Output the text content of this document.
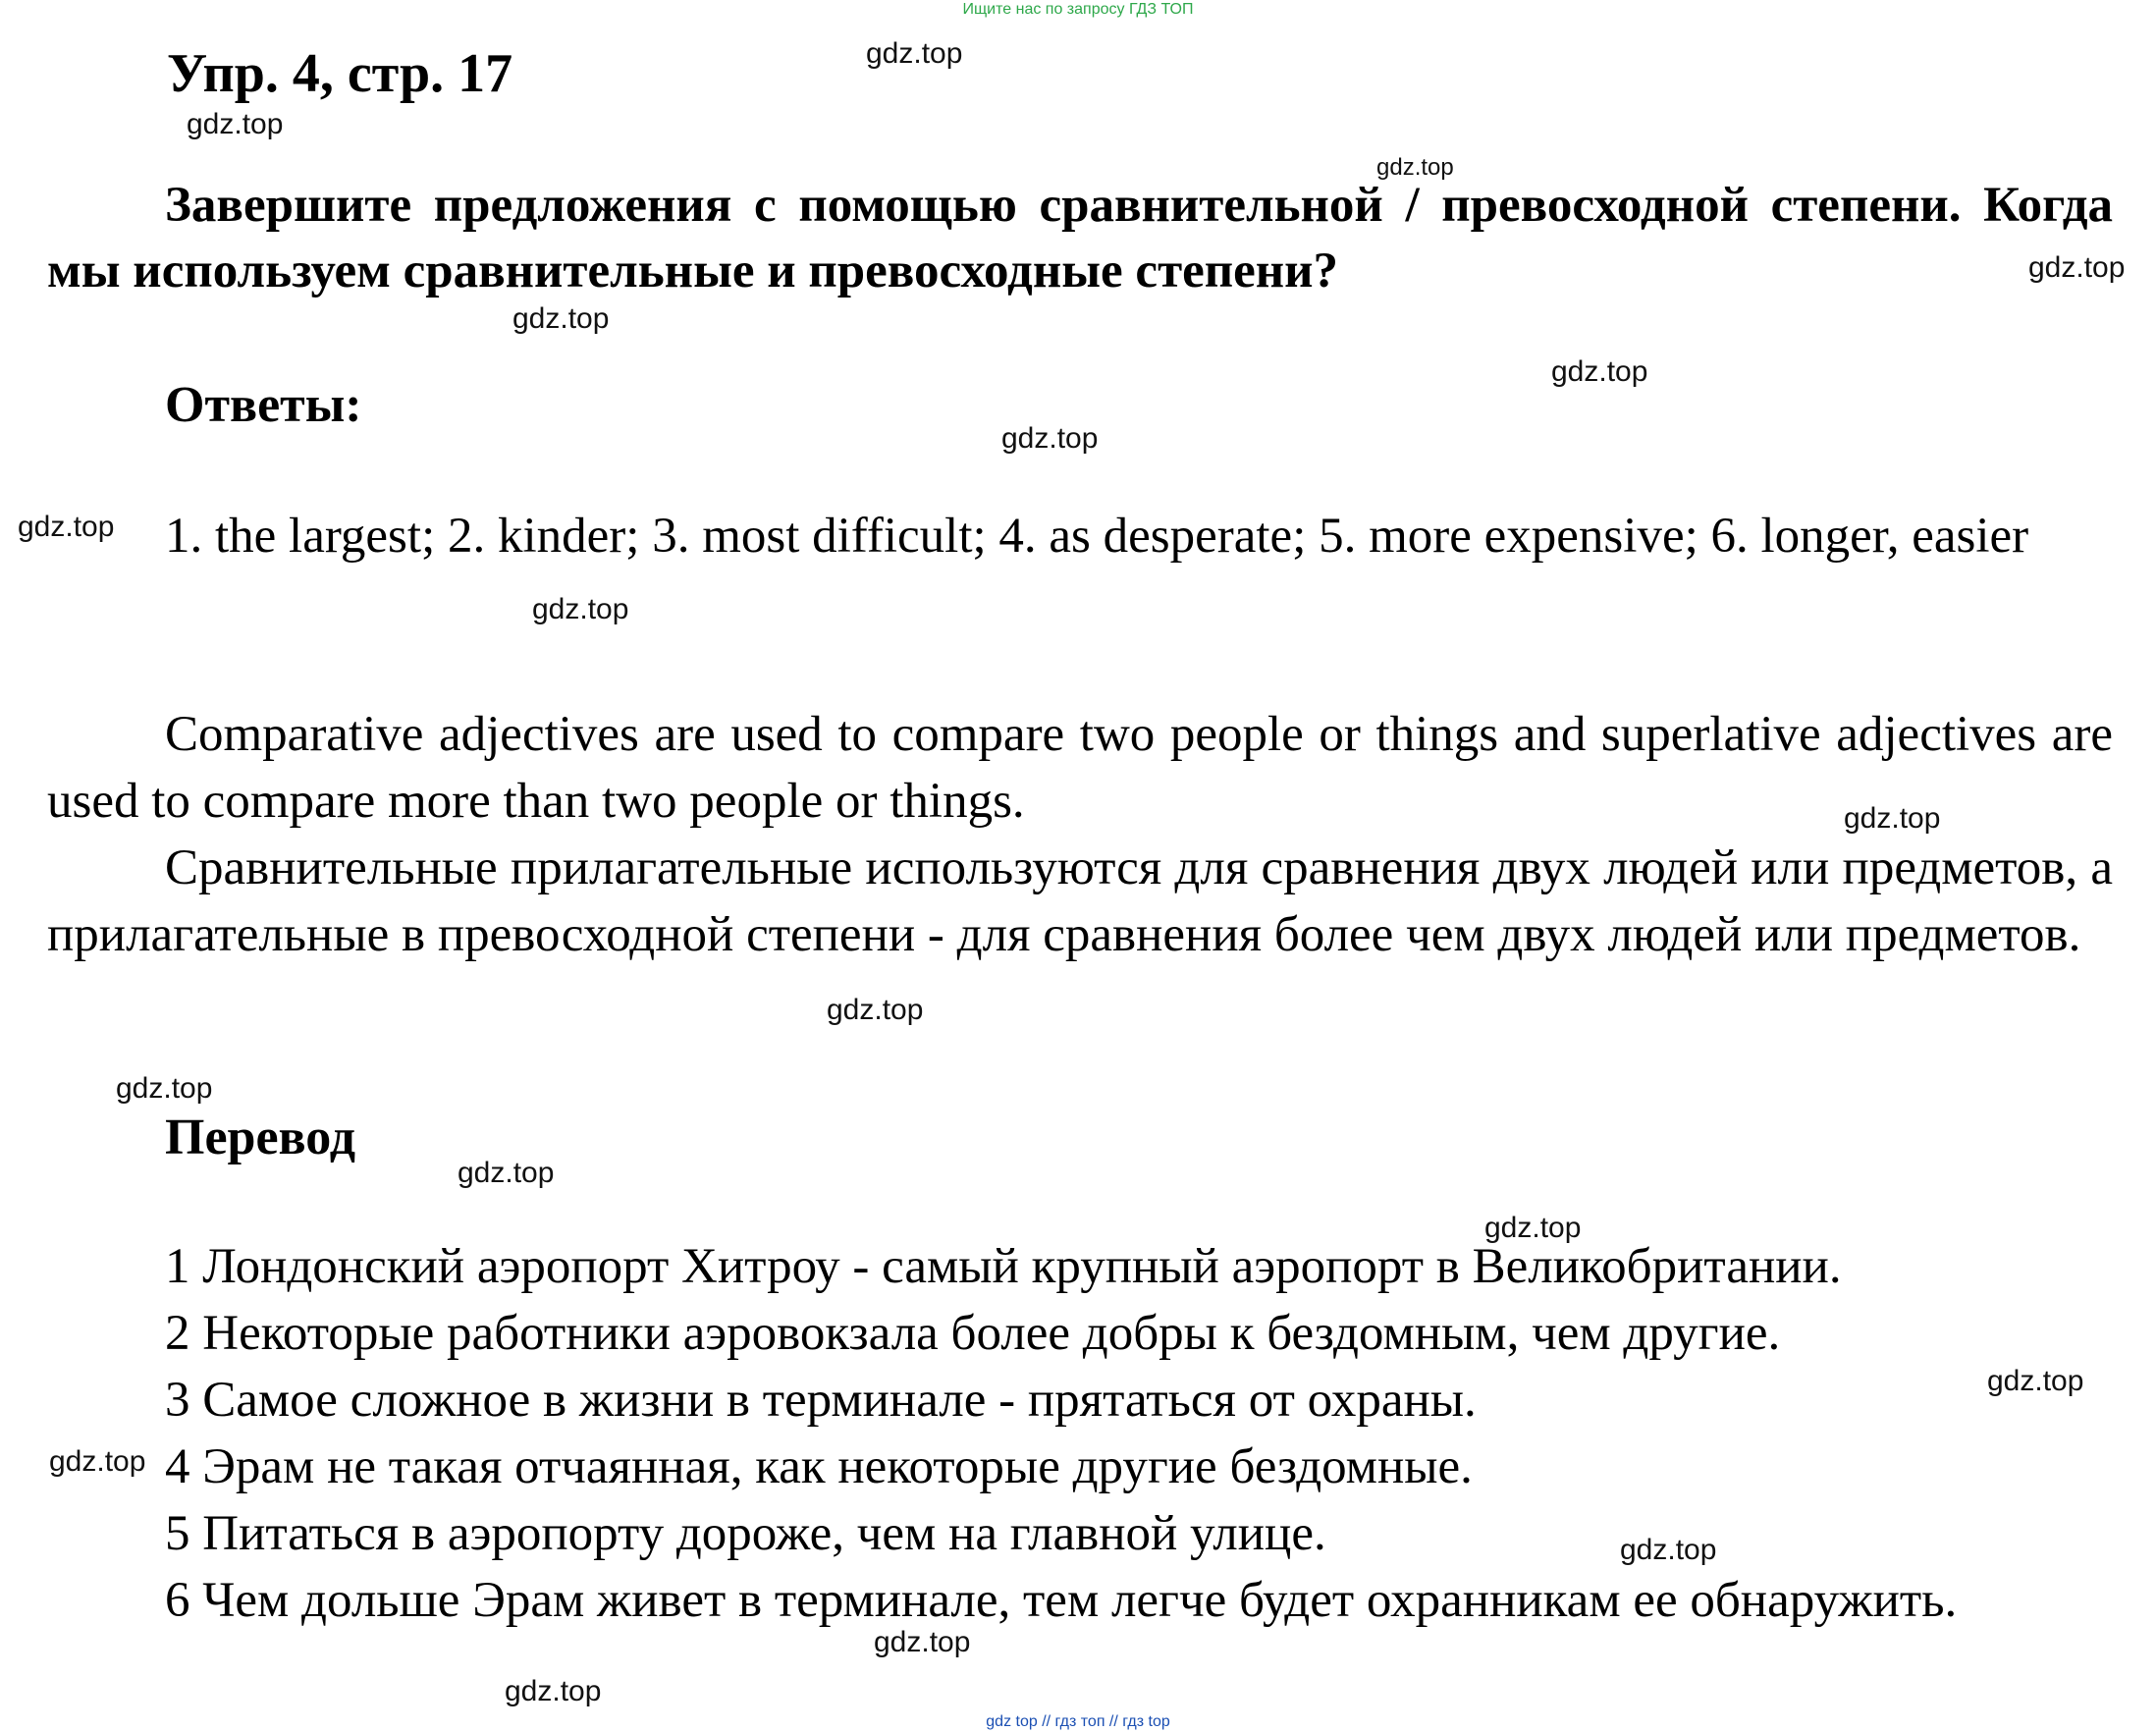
Ищите нас по запросу ГДЗ ТОП
Упр. 4, стр. 17

Завершите предложения с помощью сравнительной / превосходной степени. Когда мы используем сравнительные и превосходные степени?

Ответы:

1. the largest; 2. kinder; 3. most difficult; 4. as desperate; 5. more expensive; 6. longer, easier

Comparative adjectives are used to compare two people or things and superlative adjectives are used to compare more than two people or things.

Сравнительные прилагательные используются для сравнения двух людей или предметов, а прилагательные в превосходной степени - для сравнения более чем двух людей или предметов.

Перевод

1 Лондонский аэропорт Хитроу - самый крупный аэропорт в Великобритании.

2 Некоторые работники аэровокзала более добры к бездомным, чем другие.

3 Самое сложное в жизни в терминале - прятаться от охраны.

4 Эрам не такая отчаянная, как некоторые другие бездомные.

5 Питаться в аэропорту дороже, чем на главной улице.

6 Чем дольше Эрам живет в терминале, тем легче будет охранникам ее обнаружить.

gdz.top
gdz.top
gdz.top
gdz.top
gdz.top
gdz.top
gdz.top
gdz.top
gdz.top
gdz.top
gdz.top
gdz.top
gdz.top
gdz.top
gdz.top
gdz.top
gdz.top
gdz.top
gdz.top
gdz top // гдз топ // гдз top
